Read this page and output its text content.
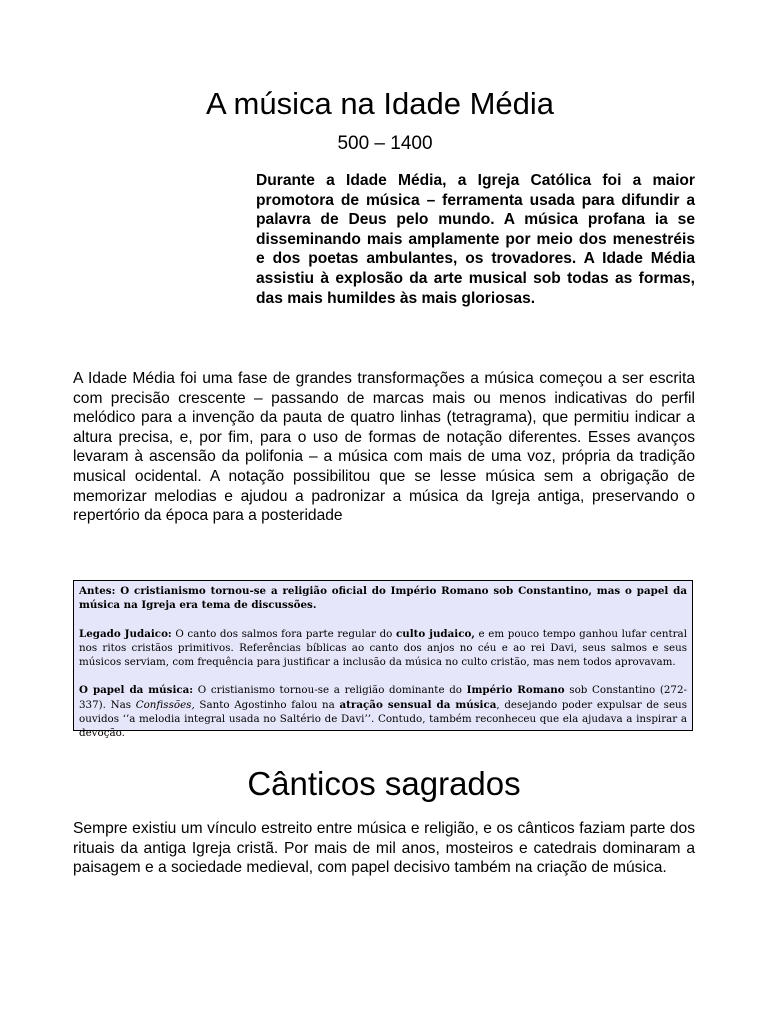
A música na Idade Média
500 – 1400

Durante a Idade Média, a Igreja Católica foi a maior promotora de música – ferramenta usada para difundir a palavra de Deus pelo mundo. A música profana ia se disseminando mais amplamente por meio dos menestréis e dos poetas ambulantes, os trovadores. A Idade Média assistiu à explosão da arte musical sob todas as formas, das mais humildes às mais gloriosas.

A Idade Média foi uma fase de grandes transformações a música começou a ser escrita com precisão crescente – passando de marcas mais ou menos indicativas do perfil melódico para a invenção da pauta de quatro linhas (tetragrama), que permitiu indicar a altura precisa, e, por fim, para o uso de formas de notação diferentes. Esses avanços levaram à ascensão da polifonia – a música com mais de uma voz, própria da tradição musical ocidental. A notação possibilitou que se lesse música sem a obrigação de memorizar melodias e ajudou a padronizar a música da Igreja antiga, preservando o repertório da época para a posteridade

Antes: O cristianismo tornou-se a religião oficial do Império Romano sob Constantino, mas o papel da música na Igreja era tema de discussões.

Legado Judaico: O canto dos salmos fora parte regular do culto judaico, e em pouco tempo ganhou lufar central nos ritos cristãos primitivos. Referências bíblicas ao canto dos anjos no céu e ao rei Davi, seus salmos e seus músicos serviam, com frequência para justificar a inclusão da música no culto cristão, mas nem todos aprovavam.

O papel da música: O cristianismo tornou-se a religião dominante do Império Romano sob Constantino (272-337). Nas Confissões, Santo Agostinho falou na atração sensual da música, desejando poder expulsar de seus ouvidos ‘’a melodia integral usada no Saltério de Davi’’. Contudo, também reconheceu que ela ajudava a inspirar a devoção.

Cânticos sagrados

Sempre existiu um vínculo estreito entre música e religião, e os cânticos faziam parte dos rituais da antiga Igreja cristã. Por mais de mil anos, mosteiros e catedrais dominaram a paisagem e a sociedade medieval, com papel decisivo também na criação de música.
